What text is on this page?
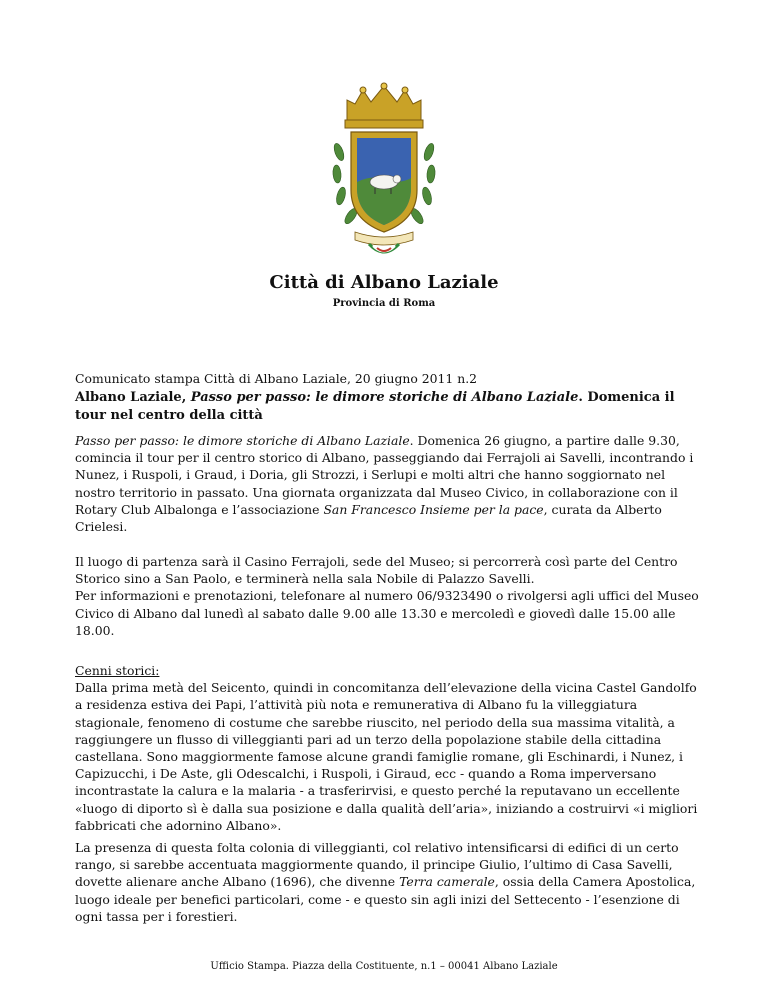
Città di Albano Laziale
Provincia di Roma
Comunicato stampa Città di Albano Laziale, 20 giugno 2011 n.2
Albano Laziale, Passo per passo: le dimore storiche di Albano Laziale. Domenica il tour nel centro della città

Passo per passo: le dimore storiche di Albano Laziale. Domenica 26 giugno, a partire dalle 9.30, comincia il tour per il centro storico di Albano, passeggiando dai Ferrajoli ai Savelli, incontrando i Nunez, i Ruspoli, i Graud, i Doria, gli Strozzi, i Serlupi e molti altri che hanno soggiornato nel nostro territorio in passato. Una giornata organizzata dal Museo Civico, in collaborazione con il Rotary Club Albalonga e l’associazione San Francesco Insieme per la pace, curata da Alberto Crielesi.

Il luogo di partenza sarà il Casino Ferrajoli, sede del Museo; si percorrerà così parte del Centro Storico sino a San Paolo, e terminerà nella sala Nobile di Palazzo Savelli.

Per informazioni e prenotazioni, telefonare al numero 06/9323490 o rivolgersi agli uffici del Museo Civico di Albano dal lunedì al sabato dalle 9.00 alle 13.30 e mercoledì e giovedì dalle 15.00 alle 18.00.

Cenni storici:

Dalla prima metà del Seicento, quindi in concomitanza dell’elevazione della vicina Castel Gandolfo a residenza estiva dei Papi, l’attività più nota e remunerativa di Albano fu la villeggiatura stagionale, fenomeno di costume che sarebbe riuscito, nel periodo della sua massima vitalità, a raggiungere un flusso di villeggianti pari ad un terzo della popolazione stabile della cittadina castellana. Sono maggiormente famose alcune grandi famiglie romane, gli Eschinardi, i Nunez, i Capizucchi, i De Aste, gli Odescalchi, i Ruspoli, i Giraud, ecc - quando a Roma imperversano incontrastate la calura e la malaria - a trasferirvisi, e questo perché la reputavano un eccellente «luogo di diporto sì è dalla sua posizione e dalla qualità dell’aria», iniziando a costruirvi «i migliori fabbricati che adornino Albano».

La presenza di questa folta colonia di villeggianti, col relativo intensificarsi di edifici di un certo rango, si sarebbe accentuata maggiormente quando, il principe Giulio, l’ultimo di Casa Savelli, dovette alienare anche Albano (1696), che divenne Terra camerale, ossia della Camera Apostolica, luogo ideale per benefici particolari, come - e questo sin agli inizi del Settecento - l’esenzione di ogni tassa per i forestieri.

Ufficio Stampa. Piazza della Costituente, n.1 – 00041 Albano Laziale
